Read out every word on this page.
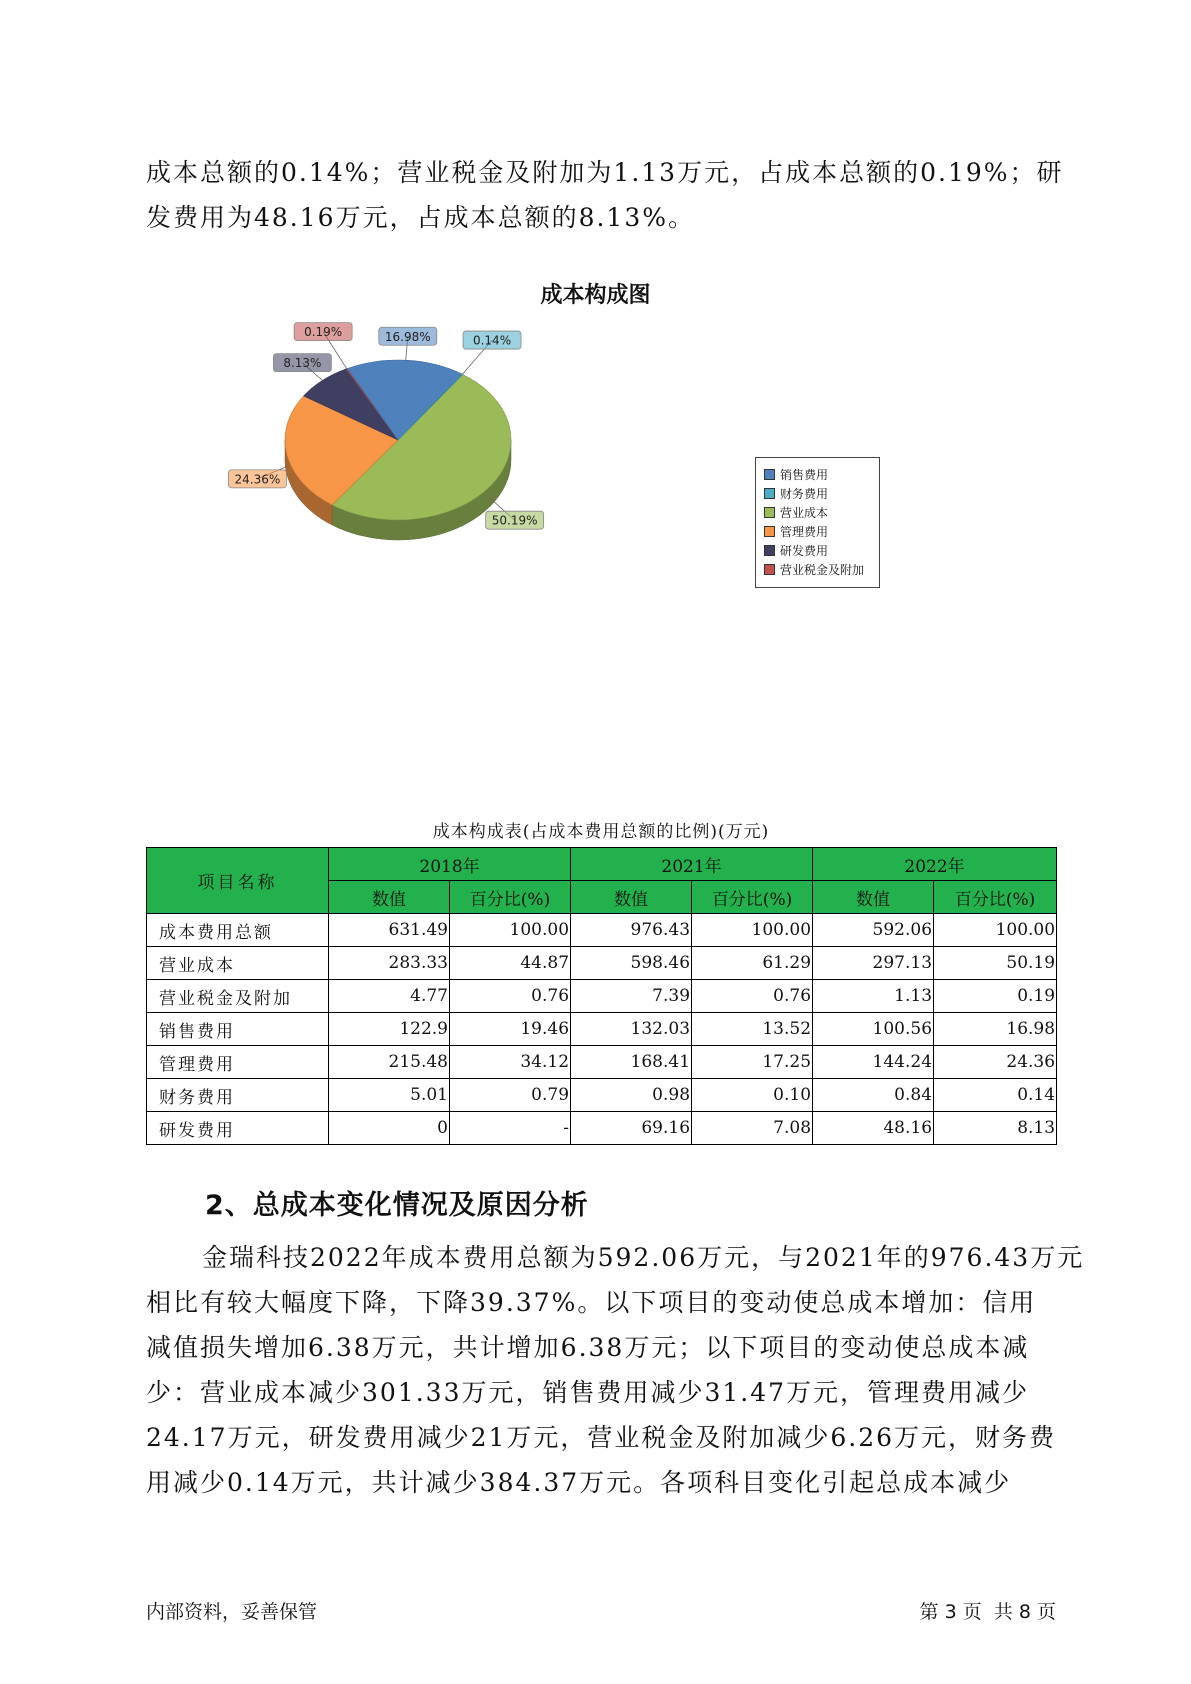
成本总额的0.14%；营业税金及附加为1.13万元，占成本总额的0.19%；研
发费用为48.16万元，占成本总额的8.13%。
成本构成图
50.19%
24.36%
8.13%
0.19%	16.98%	0.14%
销售费用
财务费用
营业成本
管理费用
研发费用
营业税金及附加
成本构成表(占成本费用总额的比例)(万元)
项目名称	2018年		2021年		2022年	
	数值	百分比(%)	数值	百分比(%)	数值	百分比(%)
成本费用总额	631.49	100.00	976.43	100.00	592.06	100.00
营业成本	283.33	44.87	598.46	61.29	297.13	50.19
营业税金及附加	4.77	0.76	7.39	0.76	1.13	0.19
销售费用	122.9	19.46	132.03	13.52	100.56	16.98
管理费用	215.48	34.12	168.41	17.25	144.24	24.36
财务费用	5.01	0.79	0.98	0.10	0.84	0.14
研发费用	0	-	69.16	7.08	48.16	8.13
2、总成本变化情况及原因分析
金瑞科技2022年成本费用总额为592.06万元，与2021年的976.43万元
相比有较大幅度下降，下降39.37%。以下项目的变动使总成本增加：信用
减值损失增加6.38万元，共计增加6.38万元；以下项目的变动使总成本减
少：营业成本减少301.33万元，销售费用减少31.47万元，管理费用减少
24.17万元，研发费用减少21万元，营业税金及附加减少6.26万元，财务费
用减少0.14万元，共计减少384.37万元。各项科目变化引起总成本减少
内部资料，妥善保管	第 3 页  共 8 页
